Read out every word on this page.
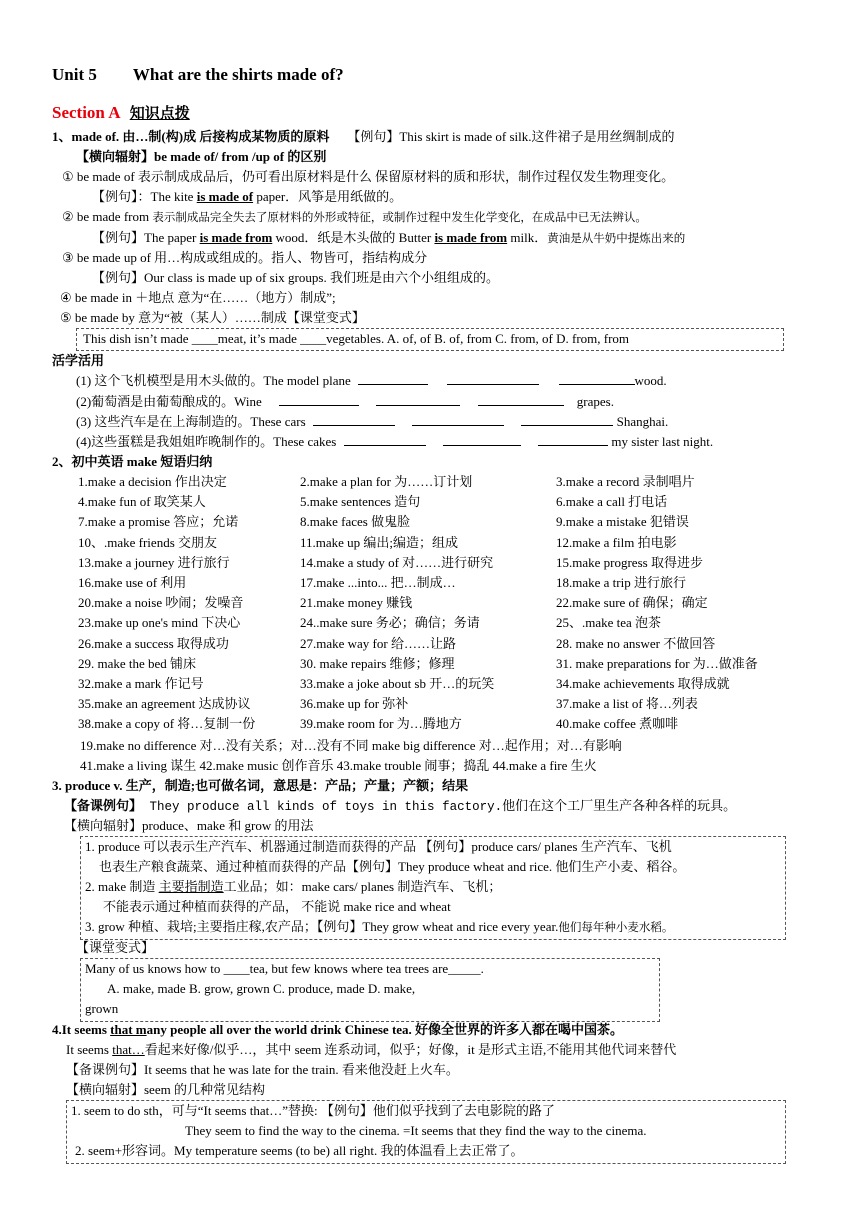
Unit 5 What are the shirts made of?
Section A 知识点拨
1、made of. 由…制(构)成 后接构成某物质的原料 【例句】This skirt is made of silk.这件裙子是用丝绸制成的
【横向辐射】be made of/ from /up of 的区别
① be made of 表示制成成品后，仍可看出原材料是什么 保留原材料的质和形状，制作过程仅发生物理变化。
【例句】：The kite is made of paper．风筝是用纸做的。
② be made from 表示制成品完全失去了原材料的外形或特征，或制作过程中发生化学变化，在成品中已无法辨认。
【例句】The paper is made from wood．纸是木头做的 Butter is made from milk．黄油是从牛奶中提炼出来的
③ be made up of 用…构成或组成的。指人、物皆可，指结构成分
【例句】Our class is made up of six groups. 我们班是由六个小组组成的。
④ be made in ＋地点 意为“在……（地方）制成”;
⑤ be made by 意为“被（某人）……制成【课堂变式】
This dish isn’t made ____meat, it’s made ____vegetables. A. of, of B. of, from C. from, of D. from, from
活学活用
(1) 这个飞机模型是用木头做的。The model plane	wood.
(2)葡萄酒是由葡萄酿成的。Wine	grapes.
(3) 这些汽车是在上海制造的。These cars	Shanghai.
(4)这些蛋糕是我姐姐昨晚制作的。These cakes	my sister last night.
2、初中英语 make 短语归纳
1.make a decision 作出决定	2.make a plan for 为……订计划	3.make a record 录制唱片
4.make fun of 取笑某人	5.make sentences 造句	6.make a call 打电话
7.make a promise 答应；允诺	8.make faces 做鬼脸	9.make a mistake 犯错误
10、.make friends 交朋友	11.make up 编出;编造；组成	12.make a film 拍电影
13.make a journey 进行旅行	14.make a study of 对……进行研究	15.make progress 取得进步
16.make use of 利用	17.make ...into... 把…制成…	18.make a trip 进行旅行
20.make a noise 吵闹；发噪音	21.make money 赚钱	22.make sure of 确保；确定
23.make up one's mind 下决心	24..make sure 务必；确信；务请	25、.make tea 泡茶
26.make a success 取得成功	27.make way for 给……让路	28. make no answer 不做回答
29. make the bed 铺床	30. make repairs 维修；修理	31. make preparations for 为…做准备
32.make a mark 作记号	33.make a joke about sb 开…的玩笑	34.make achievements 取得成就
35.make an agreement 达成协议	36.make up for 弥补	37.make a list of 将…列表
38.make a copy of 将…复制一份	39.make room for 为…腾地方	40.make coffee 煮咖啡
19.make no difference 对…没有关系；对…没有不同 make big difference 对…起作用；对…有影响
41.make a living 谋生 42.make music 创作音乐 43.make trouble 闹事；捣乱 44.make a fire 生火
3. produce v. 生产，制造;也可做名词，意思是：产品；产量；产额；结果
【备课例句】 They produce all kinds of toys in this factory.他们在这个工厂里生产各种各样的玩具。
【横向辐射】produce、make 和 grow 的用法
1. produce 可以表示生产汽车、机器通过制造而获得的产品 【例句】produce cars/ planes 生产汽车、飞机
也表生产粮食蔬菜、通过种植而获得的产品【例句】They produce wheat and rice. 他们生产小麦、稻谷。
2. make 制造 主要指制造工业品；如：make cars/ planes 制造汽车、飞机；
不能表示通过种植而获得的产品， 不能说 make rice and wheat
3. grow 种植、栽培;主要指庄稼,农产品；【例句】They grow wheat and rice every year.他们每年种小麦水稻。
【课堂变式】
Many of us knows how to ____tea, but few knows where tea trees are_____.
A. make, made B. grow, grown C. produce, made D. make,
grown
4.It seems that many people all over the world drink Chinese tea. 好像全世界的许多人都在喝中国茶。
It seems that…看起来好像/似乎…，其中 seem 连系动词，似乎；好像，it 是形式主语,不能用其他代词来替代
【备课例句】It seems that he was late for the train. 看来他没赶上火车。
【横向辐射】seem 的几种常见结构
1. seem to do sth，可与“It seems that…”替换: 【例句】他们似乎找到了去电影院的路了
They seem to find the way to the cinema. =It seems that they find the way to the cinema.
2. seem+形容词。My temperature seems (to be) all right. 我的体温看上去正常了。
